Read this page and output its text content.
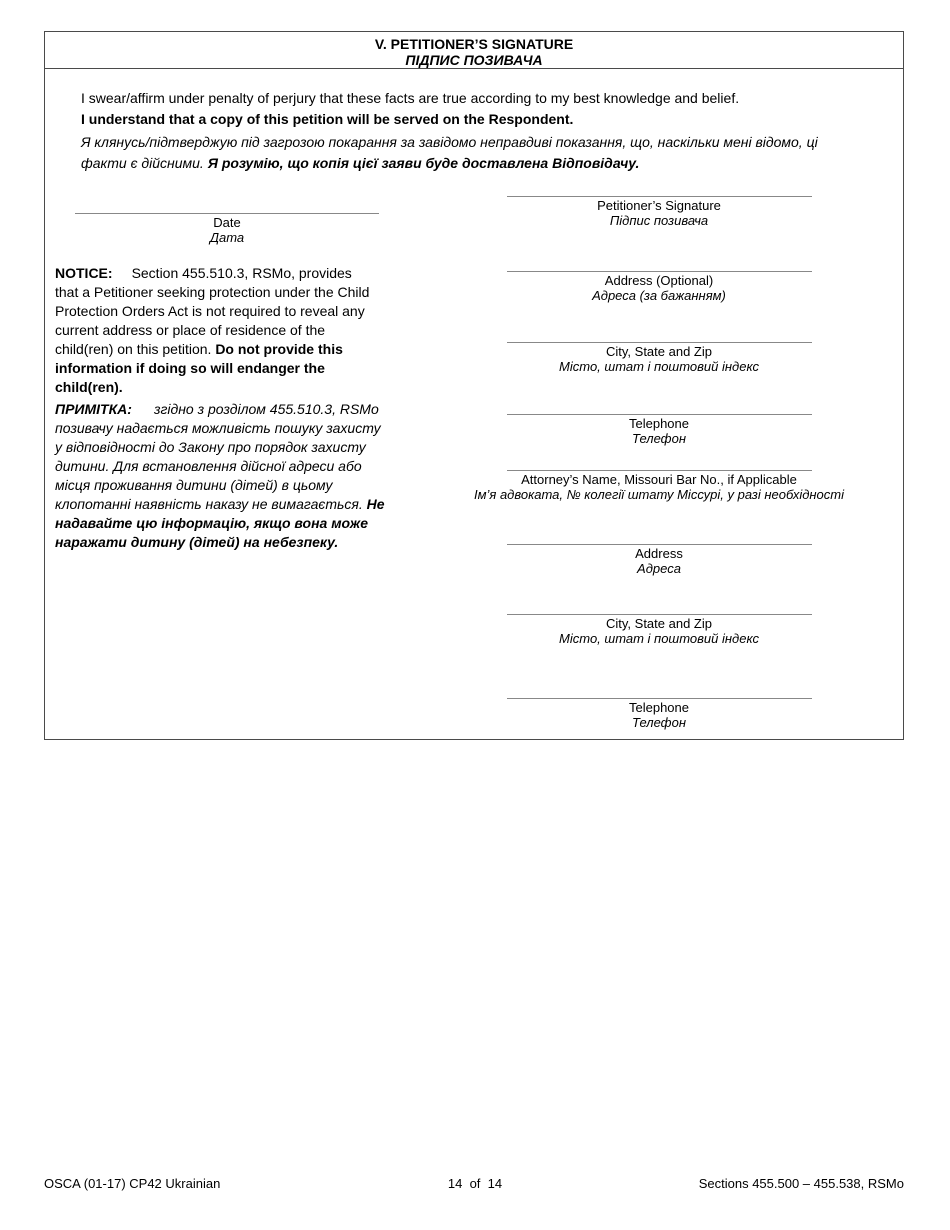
V. PETITIONER’S SIGNATURE
ПІДПИС ПОЗИВАЧА
I swear/affirm under penalty of perjury that these facts are true according to my best knowledge and belief.
I understand that a copy of this petition will be served on the Respondent.

Я клянусь/підтверджую під загрозою покарання за завідомо неправдиві показання, що, наскільки мені відомо, ці факти є дійсними. Я розумію, що копія цієї заяви буде доставлена Відповідачу.

Date
Дата
NOTICE: Section 455.510.3, RSMo, provides that a Petitioner seeking protection under the Child Protection Orders Act is not required to reveal any current address or place of residence of the child(ren) on this petition. Do not provide this information if doing so will endanger the child(ren).
ПРИМІТКА: згідно з розділом 455.510.3, RSMo позивачу надається можливість пошуку захисту у відповідності до Закону про порядок захисту дитини. Для встановлення дійсної адреси або місця проживання дитини (дітей) в цьому клопотанні наявність наказу не вимагається. Не надавайте цю інформацію, якщо вона може наражати дитину (дітей) на небезпеку.
Petitioner’s Signature
Підпис позивача
Address (Optional)
Адреса (за бажанням)
City, State and Zip
Місто, штат і поштовий індекс
Telephone
Телефон
Attorney’s Name, Missouri Bar No., if Applicable
Ім’я адвоката, № колегії штату Міссурі, у разі необхідності
Address
Адреса
City, State and Zip
Місто, штат і поштовий індекс
Telephone
Телефон
OSCA (01-17) CP42 Ukrainian	14  of  14	Sections 455.500 – 455.538, RSMo
